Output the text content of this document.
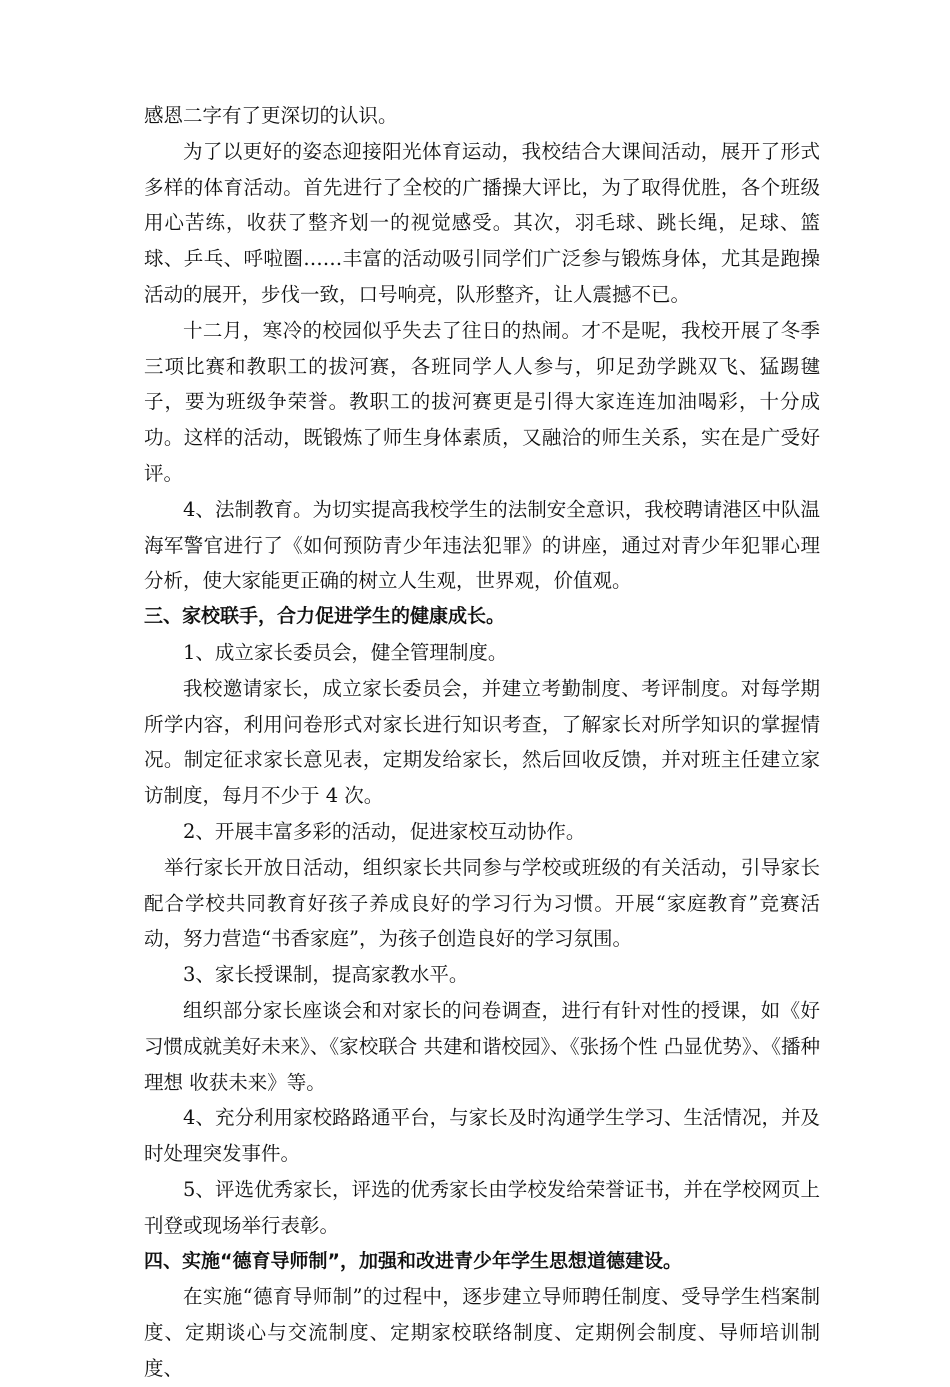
感恩二字有了更深切的认识。

为了以更好的姿态迎接阳光体育运动，我校结合大课间活动，展开了形式多样的体育活动。首先进行了全校的广播操大评比，为了取得优胜，各个班级用心苦练，收获了整齐划一的视觉感受。其次，羽毛球、跳长绳，足球、篮球、乒乓、呼啦圈……丰富的活动吸引同学们广泛参与锻炼身体，尤其是跑操活动的展开，步伐一致，口号响亮，队形整齐，让人震撼不已。

十二月，寒冷的校园似乎失去了往日的热闹。才不是呢，我校开展了冬季三项比赛和教职工的拔河赛，各班同学人人参与，卯足劲学跳双飞、猛踢毽子，要为班级争荣誉。教职工的拔河赛更是引得大家连连加油喝彩，十分成功。这样的活动，既锻炼了师生身体素质，又融洽的师生关系，实在是广受好评。

4、法制教育。为切实提高我校学生的法制安全意识，我校聘请港区中队温海军警官进行了《如何预防青少年违法犯罪》的讲座，通过对青少年犯罪心理分析，使大家能更正确的树立人生观，世界观，价值观。

三、家校联手，合力促进学生的健康成长。

1、成立家长委员会，健全管理制度。

我校邀请家长，成立家长委员会，并建立考勤制度、考评制度。对每学期所学内容，利用问卷形式对家长进行知识考查，了解家长对所学知识的掌握情况。制定征求家长意见表，定期发给家长，然后回收反馈，并对班主任建立家访制度，每月不少于 4 次。

2、开展丰富多彩的活动，促进家校互动协作。

举行家长开放日活动，组织家长共同参与学校或班级的有关活动，引导家长配合学校共同教育好孩子养成良好的学习行为习惯。开展“家庭教育”竞赛活动，努力营造“书香家庭”，为孩子创造良好的学习氛围。

3、家长授课制，提高家教水平。

组织部分家长座谈会和对家长的问卷调查，进行有针对性的授课，如《好习惯成就美好未来》、《家校联合 共建和谐校园》、《张扬个性 凸显优势》、《播种理想 收获未来》等。

4、充分利用家校路路通平台，与家长及时沟通学生学习、生活情况，并及时处理突发事件。

5、评选优秀家长，评选的优秀家长由学校发给荣誉证书，并在学校网页上刊登或现场举行表彰。

四、实施“德育导师制”，加强和改进青少年学生思想道德建设。

在实施“德育导师制”的过程中，逐步建立导师聘任制度、受导学生档案制度、定期谈心与交流制度、定期家校联络制度、定期例会制度、导师培训制度、
